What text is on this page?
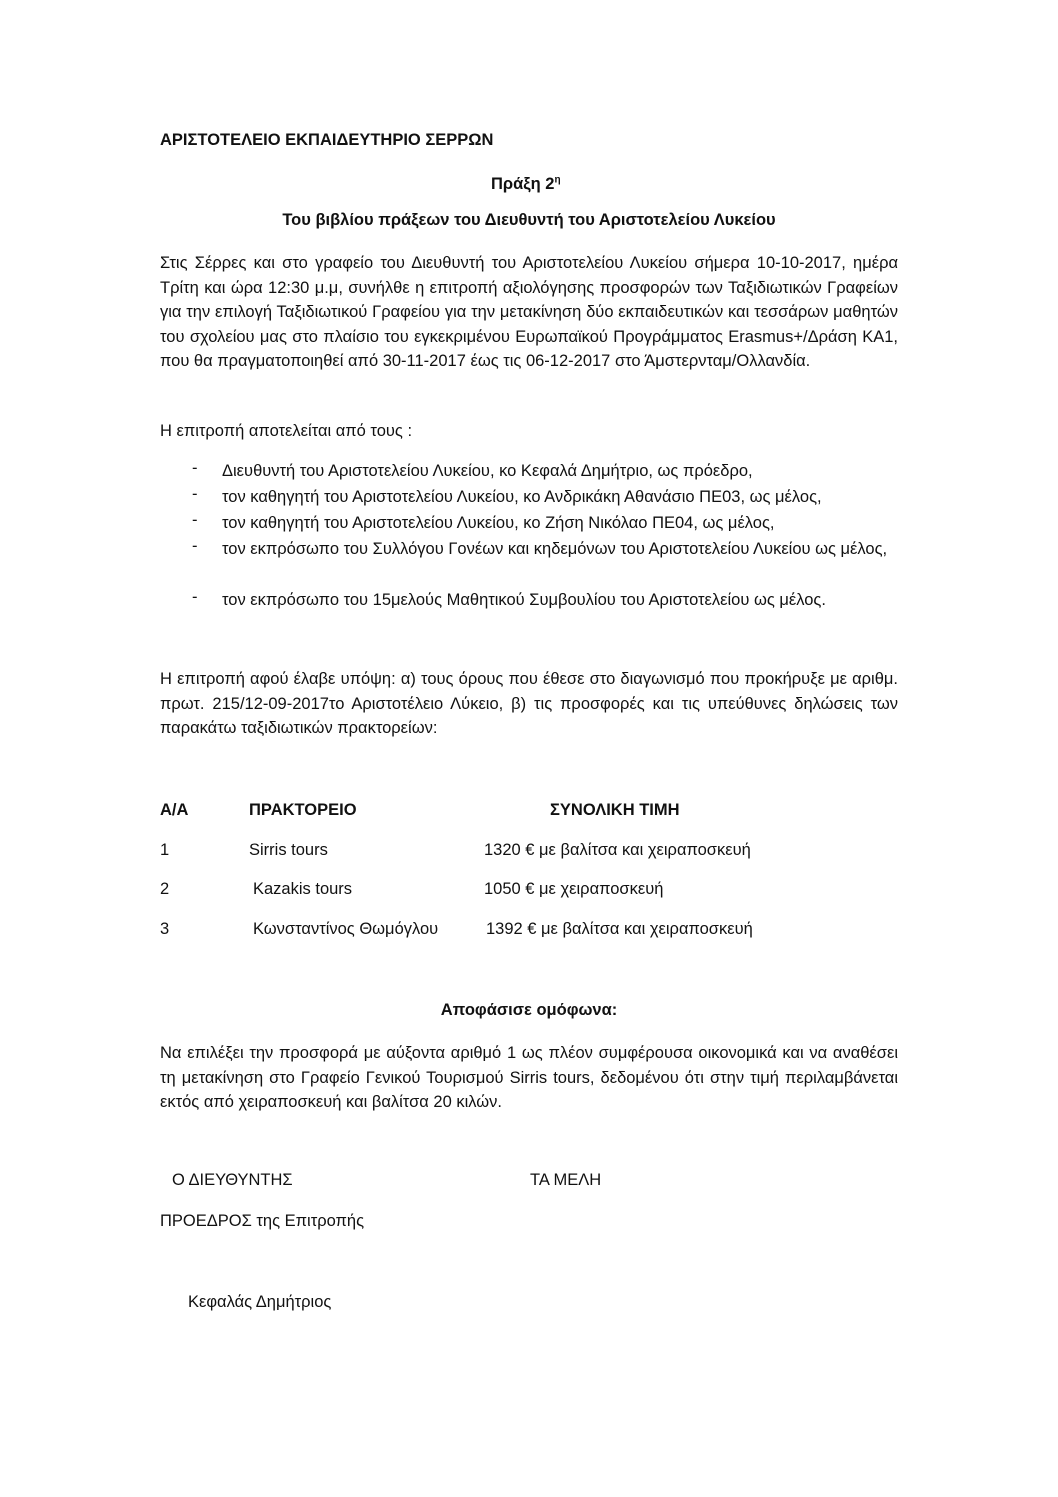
ΑΡΙΣΤΟΤΕΛΕΙΟ ΕΚΠΑΙΔΕΥΤΗΡΙΟ ΣΕΡΡΩΝ
Πράξη $2^\eta$
Του βιβλίου πράξεων του Διευθυντή του Αριστοτελείου Λυκείου
Στις Σέρρες και στο γραφείο του Διευθυντή του Αριστοτελείου Λυκείου σήμερα 10-10-2017, ημέρα Τρίτη και ώρα 12:30 μ.μ, συνήλθε η επιτροπή αξιολόγησης προσφορών των Ταξιδιωτικών Γραφείων για την επιλογή Ταξιδιωτικού Γραφείου για την μετακίνηση δύο εκπαιδευτικών και τεσσάρων μαθητών του σχολείου μας στο πλαίσιο του εγκεκριμένου Ευρωπαϊκού Προγράμματος Erasmus+/Δράση ΚΑ1, που θα πραγματοποιηθεί από 30-11-2017 έως τις 06-12-2017 στο Άμστερνταμ/Ολλανδία.
Η επιτροπή αποτελείται από τους :
- Διευθυντή του Αριστοτελείου Λυκείου, κο Κεφαλά Δημήτριο, ως πρόεδρο,
- τον καθηγητή του Αριστοτελείου Λυκείου, κο Ανδρικάκη Αθανάσιο ΠΕ03, ως μέλος,
- τον καθηγητή του Αριστοτελείου Λυκείου, κο Ζήση Νικόλαο ΠΕ04, ως μέλος,
- τον εκπρόσωπο του Συλλόγου Γονέων και κηδεμόνων του Αριστοτελείου Λυκείου ως μέλος,
- τον εκπρόσωπο του 15μελούς Μαθητικού Συμβουλίου του Αριστοτελείου ως μέλος.
Η επιτροπή αφού έλαβε υπόψη: α) τους όρους που έθεσε στο διαγωνισμό που προκήρυξε με αριθμ. πρωτ. 215/12-09-2017το Αριστοτέλειο Λύκειο, β) τις προσφορές και τις υπεύθυνες δηλώσεις των παρακάτω ταξιδιωτικών πρακτορείων:
Α/Α	ΠΡΑΚΤΟΡΕΙΟ	ΣΥΝΟΛΙΚΗ ΤΙΜΗ
1	Sirris tours	1320 € με βαλίτσα και χειραποσκευή
2	Kazakis tours	1050 € με χειραποσκευή
3	Κωνσταντίνος Θωμόγλου	1392 € με βαλίτσα και χειραποσκευή
Αποφάσισε ομόφωνα:
Να επιλέξει την προσφορά με αύξοντα αριθμό 1 ως πλέον συμφέρουσα οικονομικά και να αναθέσει τη μετακίνηση στο Γραφείο Γενικού Τουρισμού Sirris tours, δεδομένου ότι στην τιμή περιλαμβάνεται εκτός από χειραποσκευή και βαλίτσα 20 κιλών.
Ο ΔΙΕΥΘΥΝΤΗΣ	ΤΑ ΜΕΛΗ
ΠΡΟΕΔΡΟΣ της Επιτροπής
Κεφαλάς Δημήτριος
